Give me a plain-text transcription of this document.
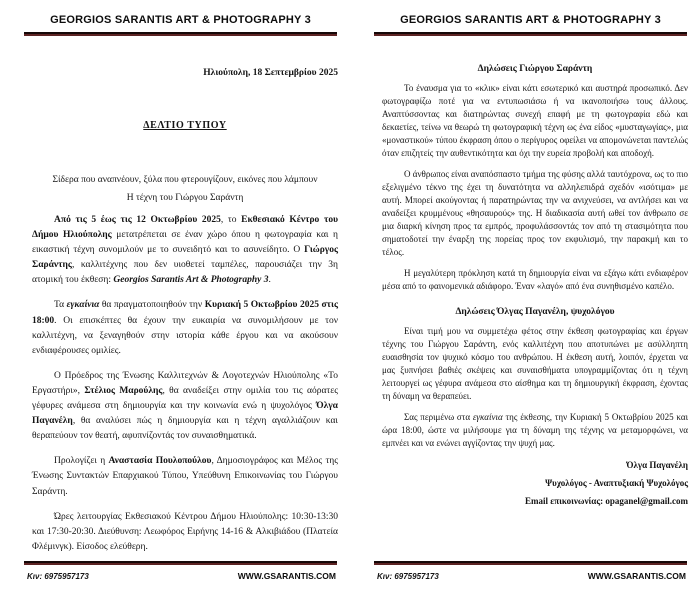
GEORGIOS SARANTIS ART & PHOTOGRAPHY 3
Ηλιούπολη, 18 Σεπτεμβρίου 2025
ΔΕΛΤΙΟ ΤΥΠΟΥ
Σίδερα που αναπνέουν, ξύλα που φτερουγίζουν, εικόνες που λάμπουν
Η τέχνη του Γιώργου Σαράντη

Από τις 5 έως τις 12 Οκτωβρίου 2025, το Εκθεσιακό Κέντρο του Δήμου Ηλιούπολης μετατρέπεται σε έναν χώρο όπου η φωτογραφία και η εικαστική τέχνη συνομιλούν με το συνειδητό και το ασυνείδητο. Ο Γιώργος Σαράντης, καλλιτέχνης που δεν υιοθετεί ταμπέλες, παρουσιάζει την 3η ατομική του έκθεση: Georgios Sarantis Art & Photography 3.

Τα εγκαίνια θα πραγματοποιηθούν την Κυριακή 5 Οκτωβρίου 2025 στις 18:00. Οι επισκέπτες θα έχουν την ευκαιρία να συνομιλήσουν με τον καλλιτέχνη, να ξεναγηθούν στην ιστορία κάθε έργου και να ακούσουν ενδιαφέρουσες ομιλίες.

Ο Πρόεδρος της Ένωσης Καλλιτεχνών & Λογοτεχνών Ηλιούπολης «Το Εργαστήρι», Στέλιος Μαρούλης, θα αναδείξει στην ομιλία του τις αόρατες γέφυρες ανάμεσα στη δημιουργία και την κοινωνία ενώ η ψυχολόγος Όλγα Παγανέλη, θα αναλύσει πώς η δημιουργία και η τέχνη αγαλλιάζουν και θεραπεύουν τον θεατή, αφυπνίζοντάς τον συναισθηματικά.

Προλογίζει η Αναστασία Πουλοπούλου, Δημοσιογράφος και Μέλος της Ένωσης Συντακτών Επαρχιακού Τύπου, Υπεύθυνη Επικοινωνίας του Γιώργου Σαράντη.

Ώρες λειτουργίας Εκθεσιακού Κέντρου Δήμου Ηλιούπολης: 10:30-13:30 και 17:30-20:30. Διεύθυνση: Λεωφόρος Ειρήνης 14-16 & Αλκιβιάδου (Πλατεία Φλέμινγκ). Είσοδος ελεύθερη.

Κιν: 6975957173	WWW.GSARANTIS.COM
GEORGIOS SARANTIS ART & PHOTOGRAPHY 3
Δηλώσεις Γιώργου Σαράντη

Το έναυσμα για το «κλικ» είναι κάτι εσωτερικό και αυστηρά προσωπικό. Δεν φωτογραφίζω ποτέ για να εντυπωσιάσω ή να ικανοποιήσω τους άλλους. Αναπτύσσοντας και διατηρώντας συνεχή επαφή με τη φωτογραφία εδώ και δεκαετίες, τείνω να θεωρώ τη φωτογραφική τέχνη ως ένα είδος «μυσταγωγίας», μια «μοναστικού» τύπου έκφραση όπου ο περίγυρος οφείλει να απομονώνεται παντελώς όταν επιζητείς την αυθεντικότητα και όχι την ευρεία προβολή και αποδοχή.

Ο άνθρωπος είναι αναπόσπαστο τμήμα της φύσης αλλά ταυτόχρονα, ως το πιο εξελιγμένο τέκνο της έχει τη δυνατότητα να αλληλεπιδρά σχεδόν «ισότιμα» με αυτή. Μπορεί ακούγοντας ή παρατηρώντας την να ανιχνεύσει, να αντλήσει και να αναδείξει κρυμμένους «θησαυρούς» της. Η διαδικασία αυτή ωθεί τον άνθρωπο σε μια διαρκή κίνηση προς τα εμπρός, προφυλάσσοντάς τον από τη στασιμότητα που σηματοδοτεί την έναρξη της πορείας προς τον εκφυλισμό, την παρακμή και το τέλος.

Η μεγαλύτερη πρόκληση κατά τη δημιουργία είναι να εξάγω κάτι ενδιαφέρον μέσα από το φαινομενικά αδιάφορο. Έναν «λαγό» από ένα συνηθισμένο καπέλο.

Δηλώσεις Όλγας Παγανέλη, ψυχολόγου

Είναι τιμή μου να συμμετέχω φέτος στην έκθεση φωτογραφίας και έργων τέχνης του Γιώργου Σαράντη, ενός καλλιτέχνη που αποτυπώνει με ασύλληπτη ευαισθησία τον ψυχικό κόσμο του ανθρώπου. Η έκθεση αυτή, λοιπόν, έρχεται να μας ξυπνήσει βαθιές σκέψεις και συναισθήματα υπογραμμίζοντας ότι η τέχνη λειτουργεί ως γέφυρα ανάμεσα στο αίσθημα και τη δημιουργική έκφραση, έχοντας τη δύναμη να θεραπεύει.

Σας περιμένω στα εγκαίνια της έκθεσης, την Κυριακή 5 Οκτωβρίου 2025 και ώρα 18:00, ώστε να μιλήσουμε για τη δύναμη της τέχνης να μεταμορφώνει, να εμπνέει και να ενώνει αγγίζοντας την ψυχή μας.

Όλγα Παγανέλη
Ψυχολόγος - Αναπτυξιακή Ψυχολόγος
Email επικοινωνίας: opaganel@gmail.com
Κιν: 6975957173	WWW.GSARANTIS.COM
